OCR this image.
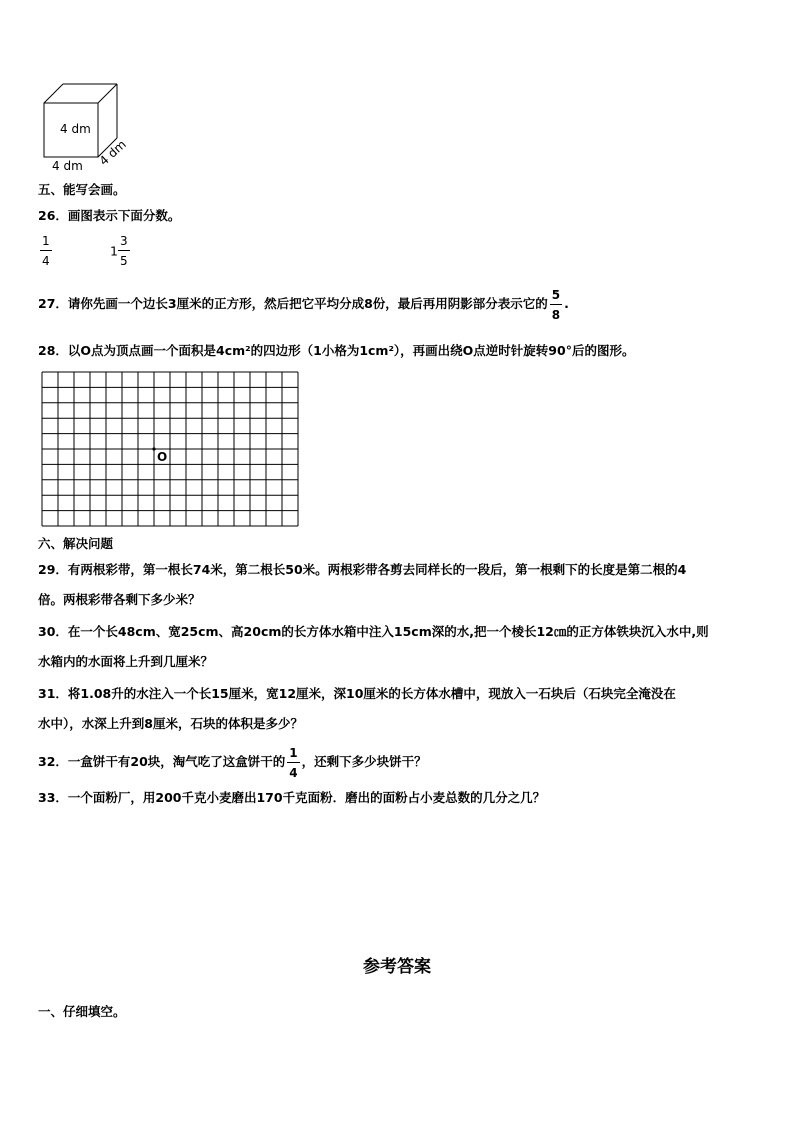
4 dm
4 dm 4 dm
五、能写会画。
26．画图表示下面分数。
$\frac{1}{4}$	$1 \frac{3}{5}$
27．请你先画一个边长3厘米的正方形，然后把它平均分成8份，最后再用阴影部分表示它的 $\frac{5}{8}$ .
28．以O点为顶点画一个面积是4cm²的四边形（1小格为1cm²），再画出绕O点逆时针旋转90°后的图形。
O
六、解决问题
29．有两根彩带，第一根长74米，第二根长50米。两根彩带各剪去同样长的一段后，第一根剩下的长度是第二根的4
倍。两根彩带各剩下多少米？
30．在一个长48cm、宽25cm、高20cm的长方体水箱中注入15cm深的水,把一个棱长12㎝的正方体铁块沉入水中,则
水箱内的水面将上升到几厘米？
31．将1.08升的水注入一个长15厘米，宽12厘米，深10厘米的长方体水槽中，现放入一石块后（石块完全淹没在
水中），水深上升到8厘米，石块的体积是多少？
32．一盒饼干有20块，淘气吃了这盒饼干的 $\frac{1}{4}$ ，还剩下多少块饼干？
33．一个面粉厂，用200千克小麦磨出170千克面粉．磨出的面粉占小麦总数的几分之几？
参考答案
一、仔细填空。
